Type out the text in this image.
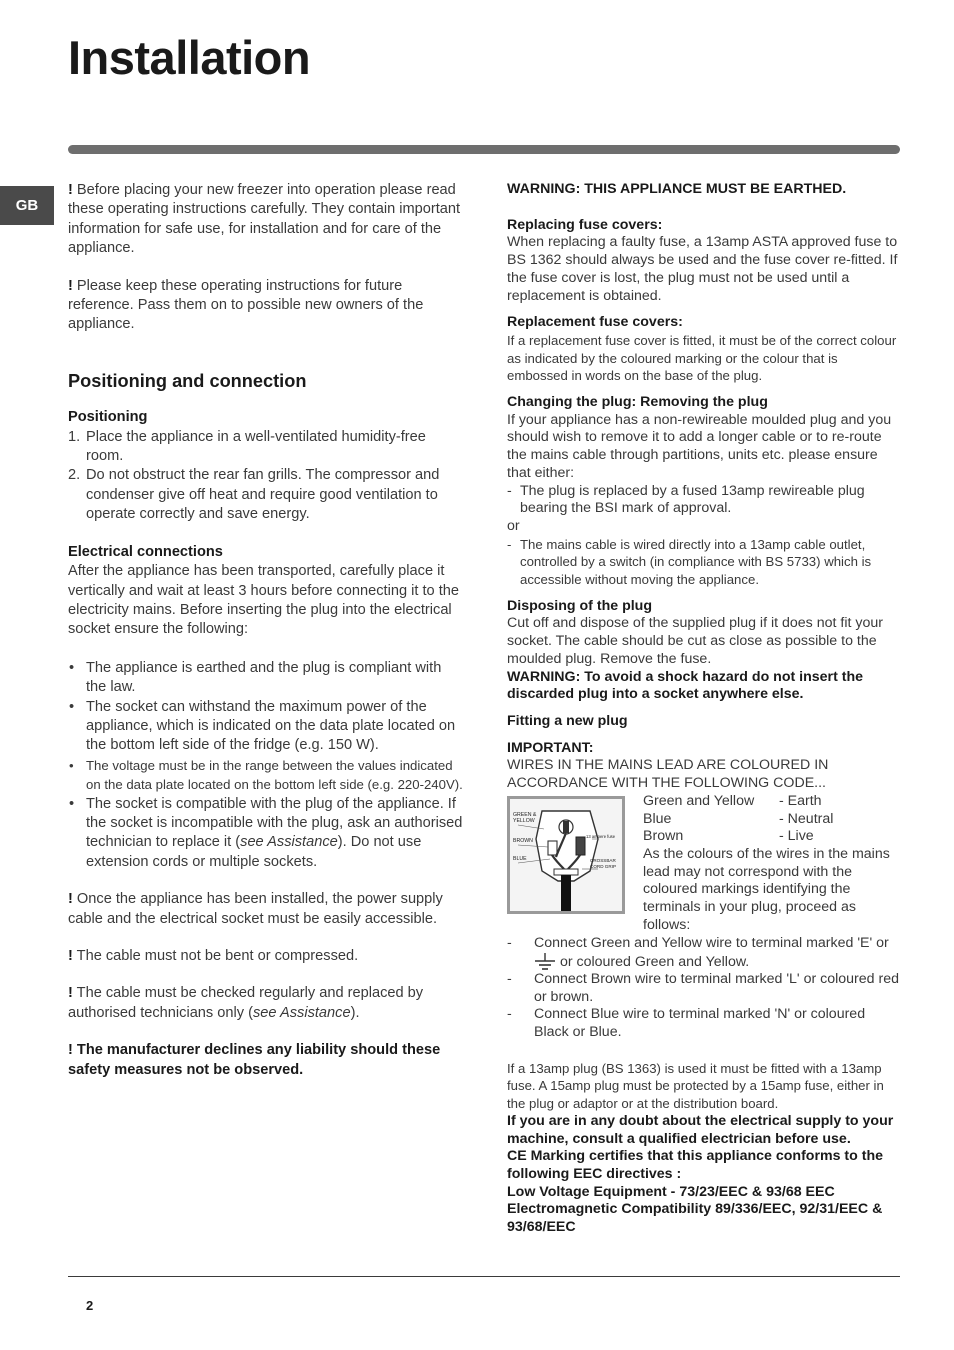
Installation
GB

! Before placing your new freezer into operation please read these operating instructions carefully. They contain important information for safe use, for installation and for care of the appliance.

! Please keep these operating instructions for future reference. Pass them on to possible new owners of the appliance.

Positioning and connection

Positioning

1. Place the appliance in a well-ventilated humidity-free room.
2. Do not obstruct the rear fan grills. The compressor and condenser give off heat and require good ventilation to operate correctly and save energy.

Electrical connections

After the appliance has been transported, carefully place it vertically and wait at least 3 hours before connecting it to the electricity mains. Before inserting the plug into the electrical socket ensure the following:

• The appliance is earthed and the plug is compliant with the law.
• The socket can withstand the maximum power of the appliance, which is indicated on the data plate located on the bottom left side of the fridge (e.g. 150 W).
• The voltage must be in the range between the values indicated on the data plate located on the bottom left side (e.g. 220-240V).
• The socket is compatible with the plug of the appliance. If the socket is incompatible with the plug, ask an authorised technician to replace it (see Assistance). Do not use extension cords or multiple sockets.

! Once the appliance has been installed, the power supply cable and the electrical socket must be easily accessible.

! The cable must not be bent or compressed.

! The cable must be checked regularly and replaced by authorised technicians only (see Assistance).

! The manufacturer declines any liability should these safety measures not be observed.

WARNING: THIS APPLIANCE MUST BE EARTHED.

Replacing fuse covers:

When replacing a faulty fuse, a 13amp ASTA approved fuse to BS 1362 should always be used and the fuse cover re-fitted. If the fuse cover is lost, the plug must not be used until a replacement is obtained.

Replacement fuse covers:

If a replacement fuse cover is fitted, it must be of the correct colour as indicated by the coloured marking or the colour that is embossed in words on the base of the plug.

Changing the plug: Removing the plug

If your appliance has a non-rewireable moulded plug and you should wish to remove it to add a longer cable or to re-route the mains cable through partitions, units etc. please ensure that either:

- The plug is replaced by a fused 13amp rewireable plug bearing the BSI mark of approval.

or

- The mains cable is wired directly into a 13amp cable outlet, controlled by a switch (in compliance with BS 5733) which is accessible without moving the appliance.

Disposing of the plug

Cut off and dispose of the supplied plug if it does not fit your socket. The cable should be cut as close as possible to the moulded plug. Remove the fuse.

WARNING: To avoid a shock hazard do not insert the discarded plug into a socket anywhere else.

Fitting a new plug

IMPORTANT:

WIRES IN THE MAINS LEAD ARE COLOURED IN ACCORDANCE WITH THE FOLLOWING CODE...

GREEN &
YELLOW
BROWN
BLUE
13 ampere fuse
CROSSBAR
CORD GRIP
Green and Yellow	- Earth
Blue	- Neutral
Brown	- Live

As the colours of the wires in the mains lead may not correspond with the coloured markings identifying the terminals in your plug, proceed as follows:

- Connect Green and Yellow wire to terminal marked 'E' or  or coloured Green and Yellow.
- Connect Brown wire to terminal marked 'L' or coloured red or brown.
- Connect Blue wire to terminal marked 'N' or coloured Black or Blue.

If a 13amp plug (BS 1363) is used it must be fitted with a 13amp fuse. A 15amp plug must be protected by a 15amp fuse, either in the plug or adaptor or at the distribution board.

If you are in any doubt about the electrical supply to your machine, consult a qualified electrician before use.

CE Marking certifies that this appliance conforms to the following EEC directives :

Low Voltage Equipment - 73/23/EEC & 93/68 EEC

Electromagnetic Compatibility 89/336/EEC, 92/31/EEC & 93/68/EEC

2
